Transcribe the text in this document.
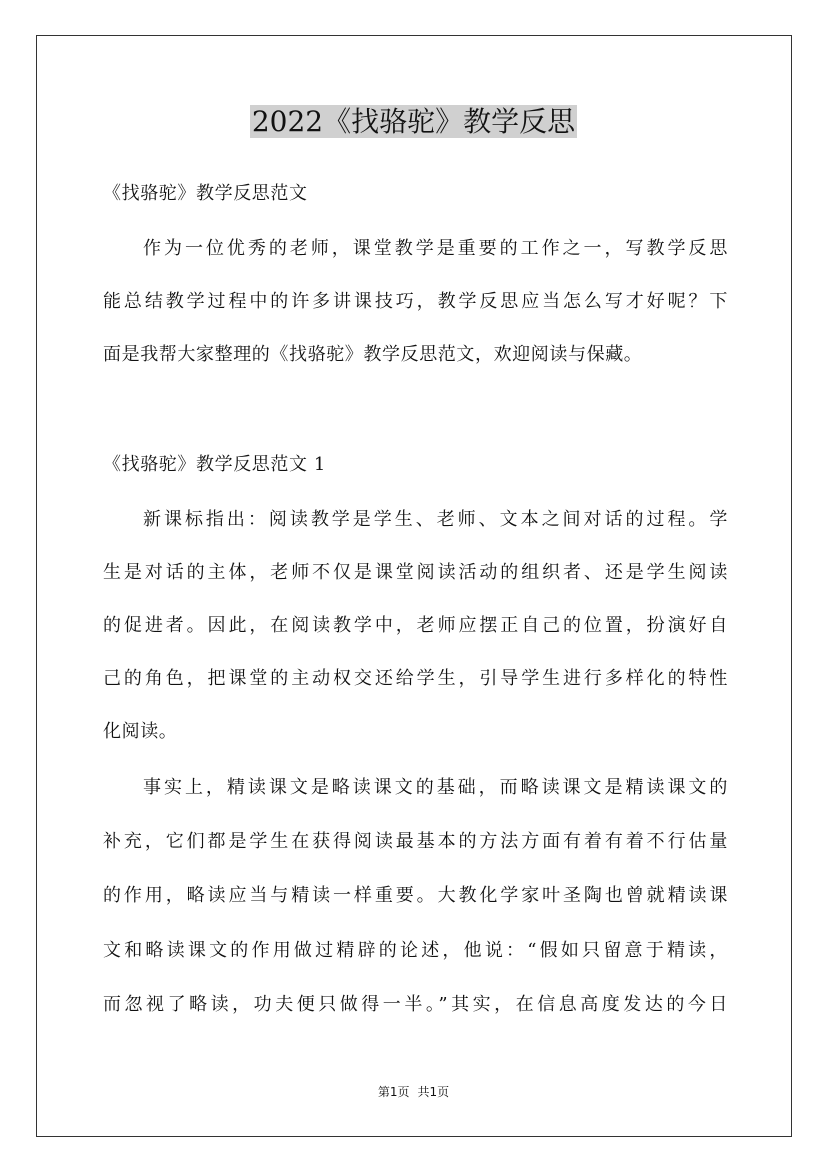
2022《找骆驼》教学反思
《找骆驼》教学反思范文
作为一位优秀的老师，课堂教学是重要的工作之一，写教学反思
能总结教学过程中的许多讲课技巧，教学反思应当怎么写才好呢？下
面是我帮大家整理的《找骆驼》教学反思范文，欢迎阅读与保藏。
《找骆驼》教学反思范文 1
新课标指出：阅读教学是学生、老师、文本之间对话的过程。学
生是对话的主体，老师不仅是课堂阅读活动的组织者、还是学生阅读
的促进者。因此，在阅读教学中，老师应摆正自己的位置，扮演好自
己的角色，把课堂的主动权交还给学生，引导学生进行多样化的特性
化阅读。
事实上，精读课文是略读课文的基础，而略读课文是精读课文的
补充，它们都是学生在获得阅读最基本的方法方面有着有着不行估量
的作用，略读应当与精读一样重要。大教化学家叶圣陶也曾就精读课
文和略读课文的作用做过精辟的论述，他说：“假如只留意于精读，
而忽视了略读，功夫便只做得一半。”其实，在信息高度发达的今日
第1页 共1页
